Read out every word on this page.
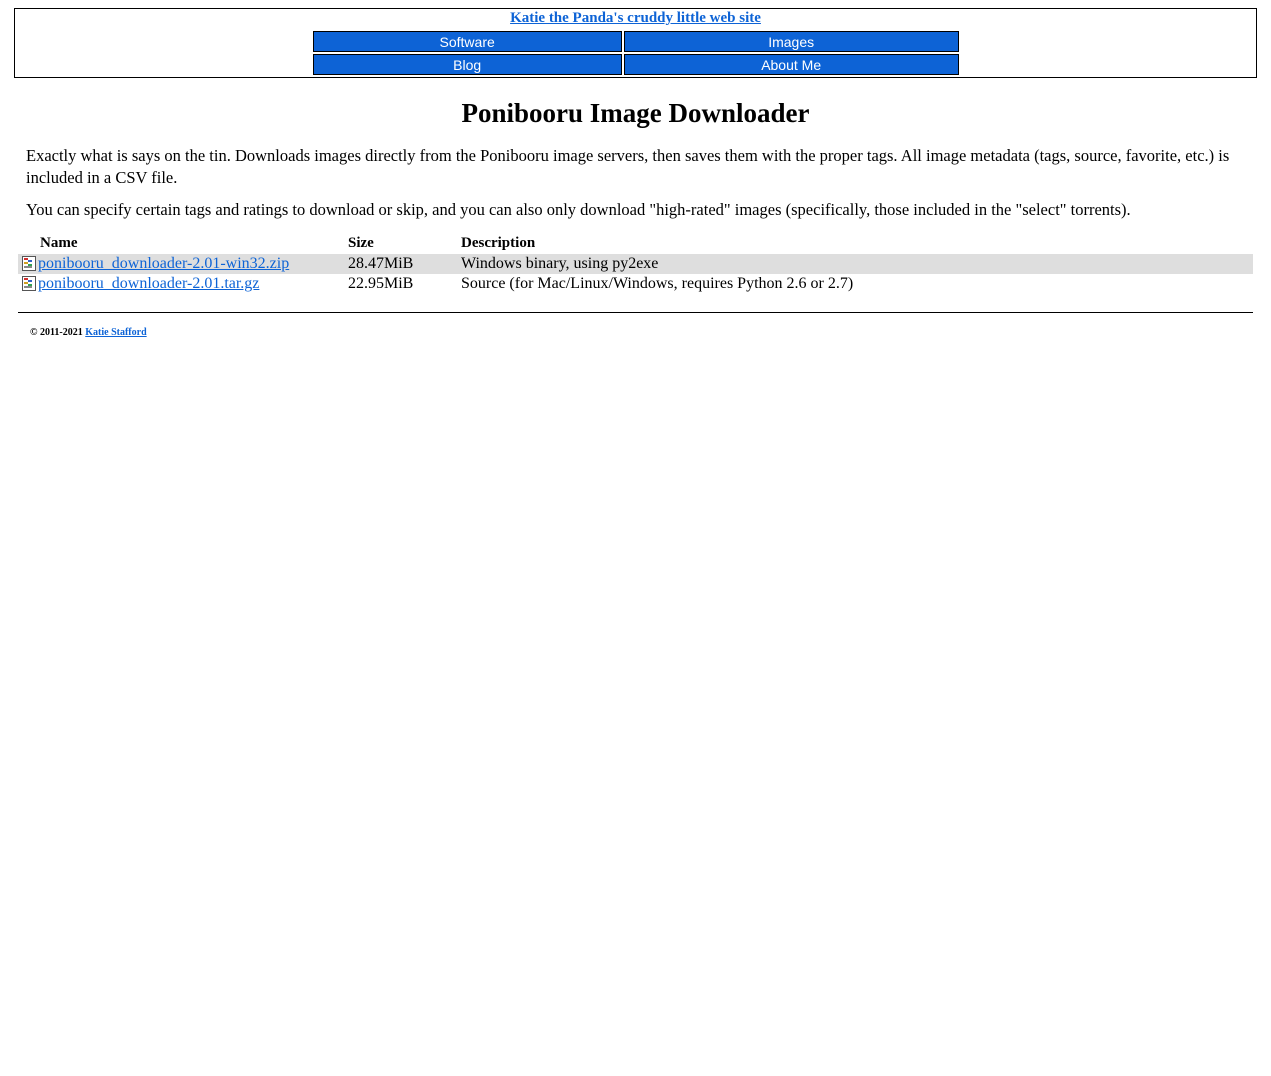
Katie the Panda's cruddy little web site
Software	Images

Blog	About Me
Ponibooru Image Downloader

Exactly what is says on the tin. Downloads images directly from the Ponibooru image servers, then saves them with the proper tags. All image metadata (tags, source, favorite, etc.) is included in a CSV file.

You can specify certain tags and ratings to download or skip, and you can also only download "high-rated" images (specifically, those included in the "select" torrents).

Name	Size	Description
ponibooru_downloader-2.01-win32.zip	28.47MiB	Windows binary, using py2exe
ponibooru_downloader-2.01.tar.gz	22.95MiB	Source (for Mac/Linux/Windows, requires Python 2.6 or 2.7)
© 2011-2021 Katie Stafford
